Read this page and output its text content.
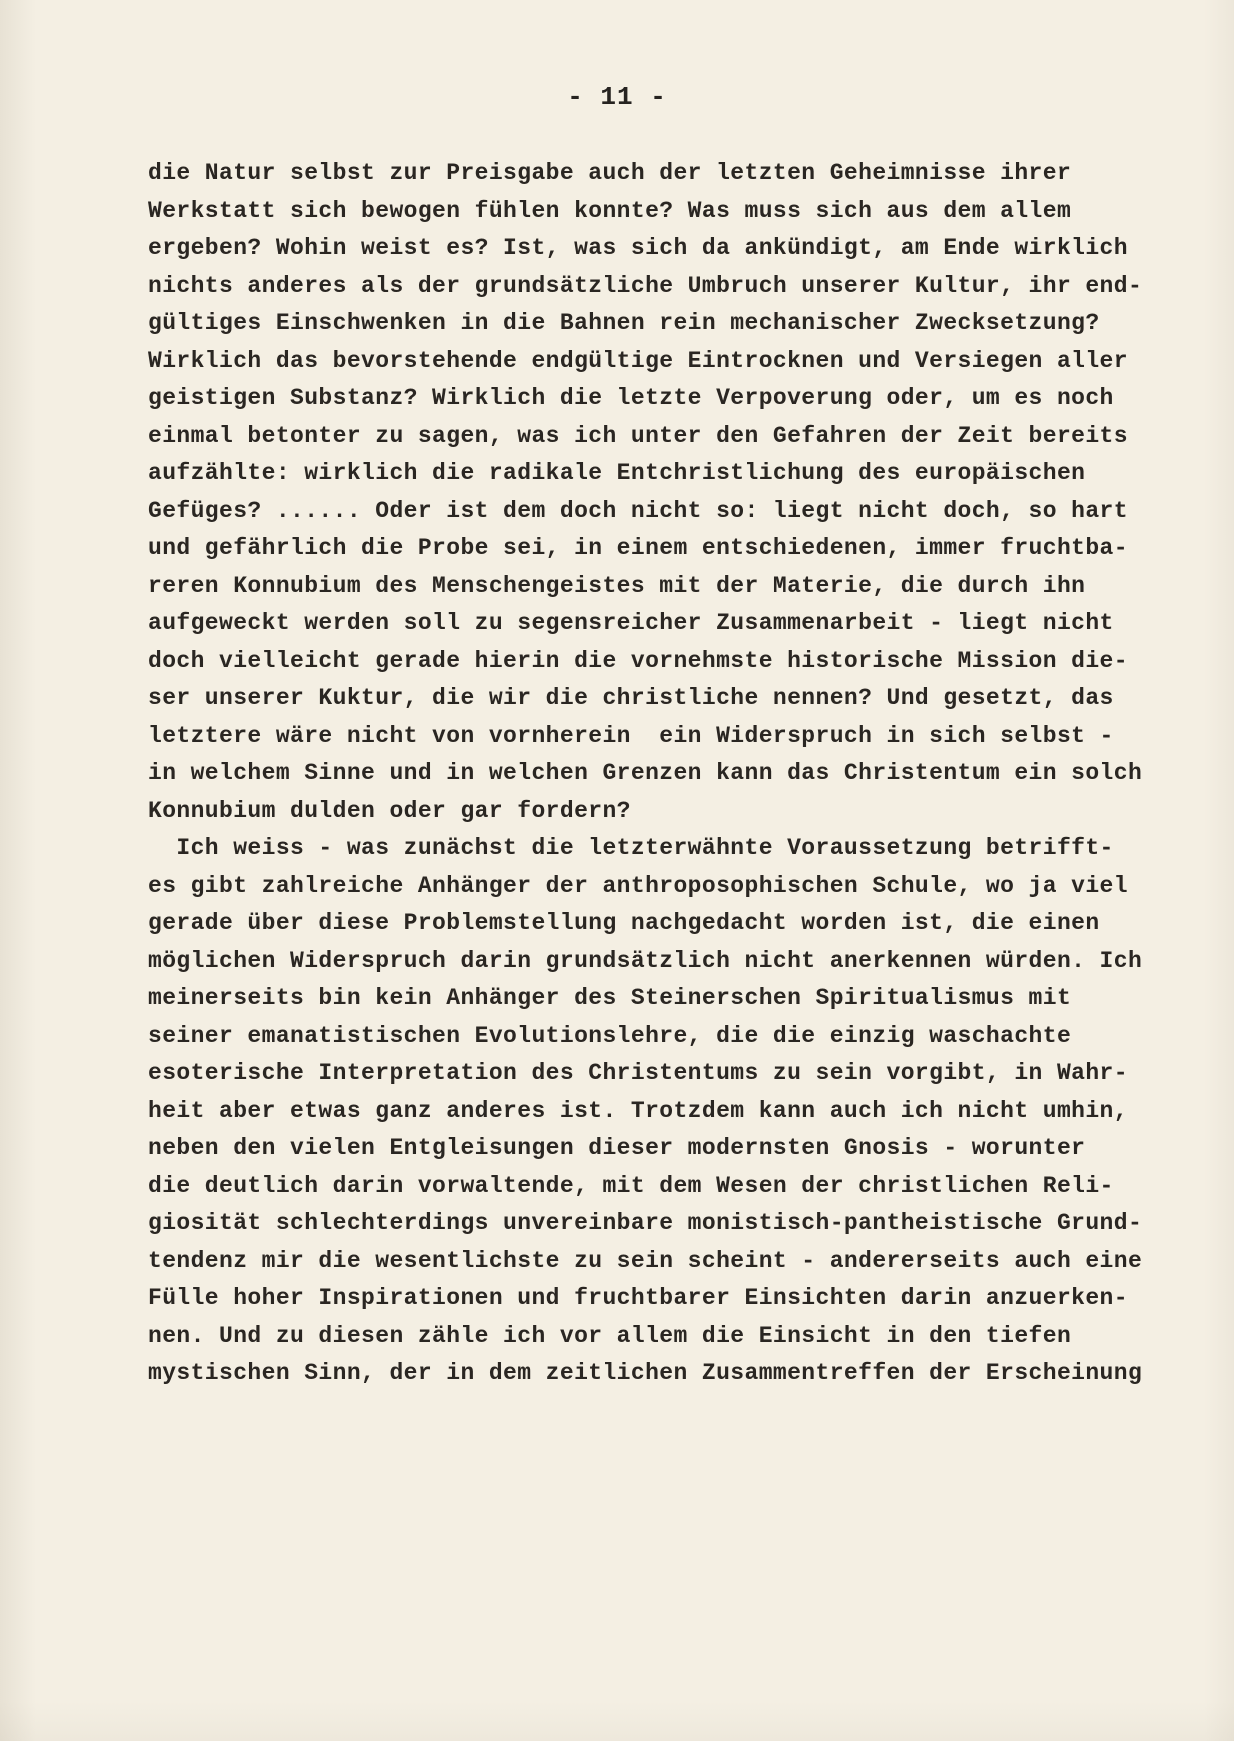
- 11 -
die Natur selbst zur Preisgabe auch der letzten Geheimnisse ihrer
Werkstatt sich bewogen fühlen konnte? Was muss sich aus dem allem
ergeben? Wohin weist es? Ist, was sich da ankündigt, am Ende wirklich
nichts anderes als der grundsätzliche Umbruch unserer Kultur, ihr end-
gültiges Einschwenken in die Bahnen rein mechanischer Zwecksetzung?
Wirklich das bevorstehende endgültige Eintrocknen und Versiegen aller
geistigen Substanz? Wirklich die letzte Verpoverung oder, um es noch
einmal betonter zu sagen, was ich unter den Gefahren der Zeit bereits
aufzählte: wirklich die radikale Entchristlichung des europäischen
Gefüges? ...... Oder ist dem doch nicht so: liegt nicht doch, so hart
und gefährlich die Probe sei, in einem entschiedenen, immer fruchtba-
reren Konnubium des Menschengeistes mit der Materie, die durch ihn
aufgeweckt werden soll zu segensreicher Zusammenarbeit - liegt nicht
doch vielleicht gerade hierin die vornehmste historische Mission die-
ser unserer Kuktur, die wir die christliche nennen? Und gesetzt, das
letztere wäre nicht von vornherein  ein Widerspruch in sich selbst -
in welchem Sinne und in welchen Grenzen kann das Christentum ein solch
Konnubium dulden oder gar fordern?
Ich weiss - was zunächst die letzterwähnte Voraussetzung betrifft-
es gibt zahlreiche Anhänger der anthroposophischen Schule, wo ja viel
gerade über diese Problemstellung nachgedacht worden ist, die einen
möglichen Widerspruch darin grundsätzlich nicht anerkennen würden. Ich
meinerseits bin kein Anhänger des Steinerschen Spiritualismus mit
seiner emanatistischen Evolutionslehre, die die einzig waschachte
esoterische Interpretation des Christentums zu sein vorgibt, in Wahr-
heit aber etwas ganz anderes ist. Trotzdem kann auch ich nicht umhin,
neben den vielen Entgleisungen dieser modernsten Gnosis - worunter
die deutlich darin vorwaltende, mit dem Wesen der christlichen Reli-
giosität schlechterdings unvereinbare monistisch-pantheistische Grund-
tendenz mir die wesentlichste zu sein scheint - andererseits auch eine
Fülle hoher Inspirationen und fruchtbarer Einsichten darin anzuerken-
nen. Und zu diesen zähle ich vor allem die Einsicht in den tiefen
mystischen Sinn, der in dem zeitlichen Zusammentreffen der Erscheinung
